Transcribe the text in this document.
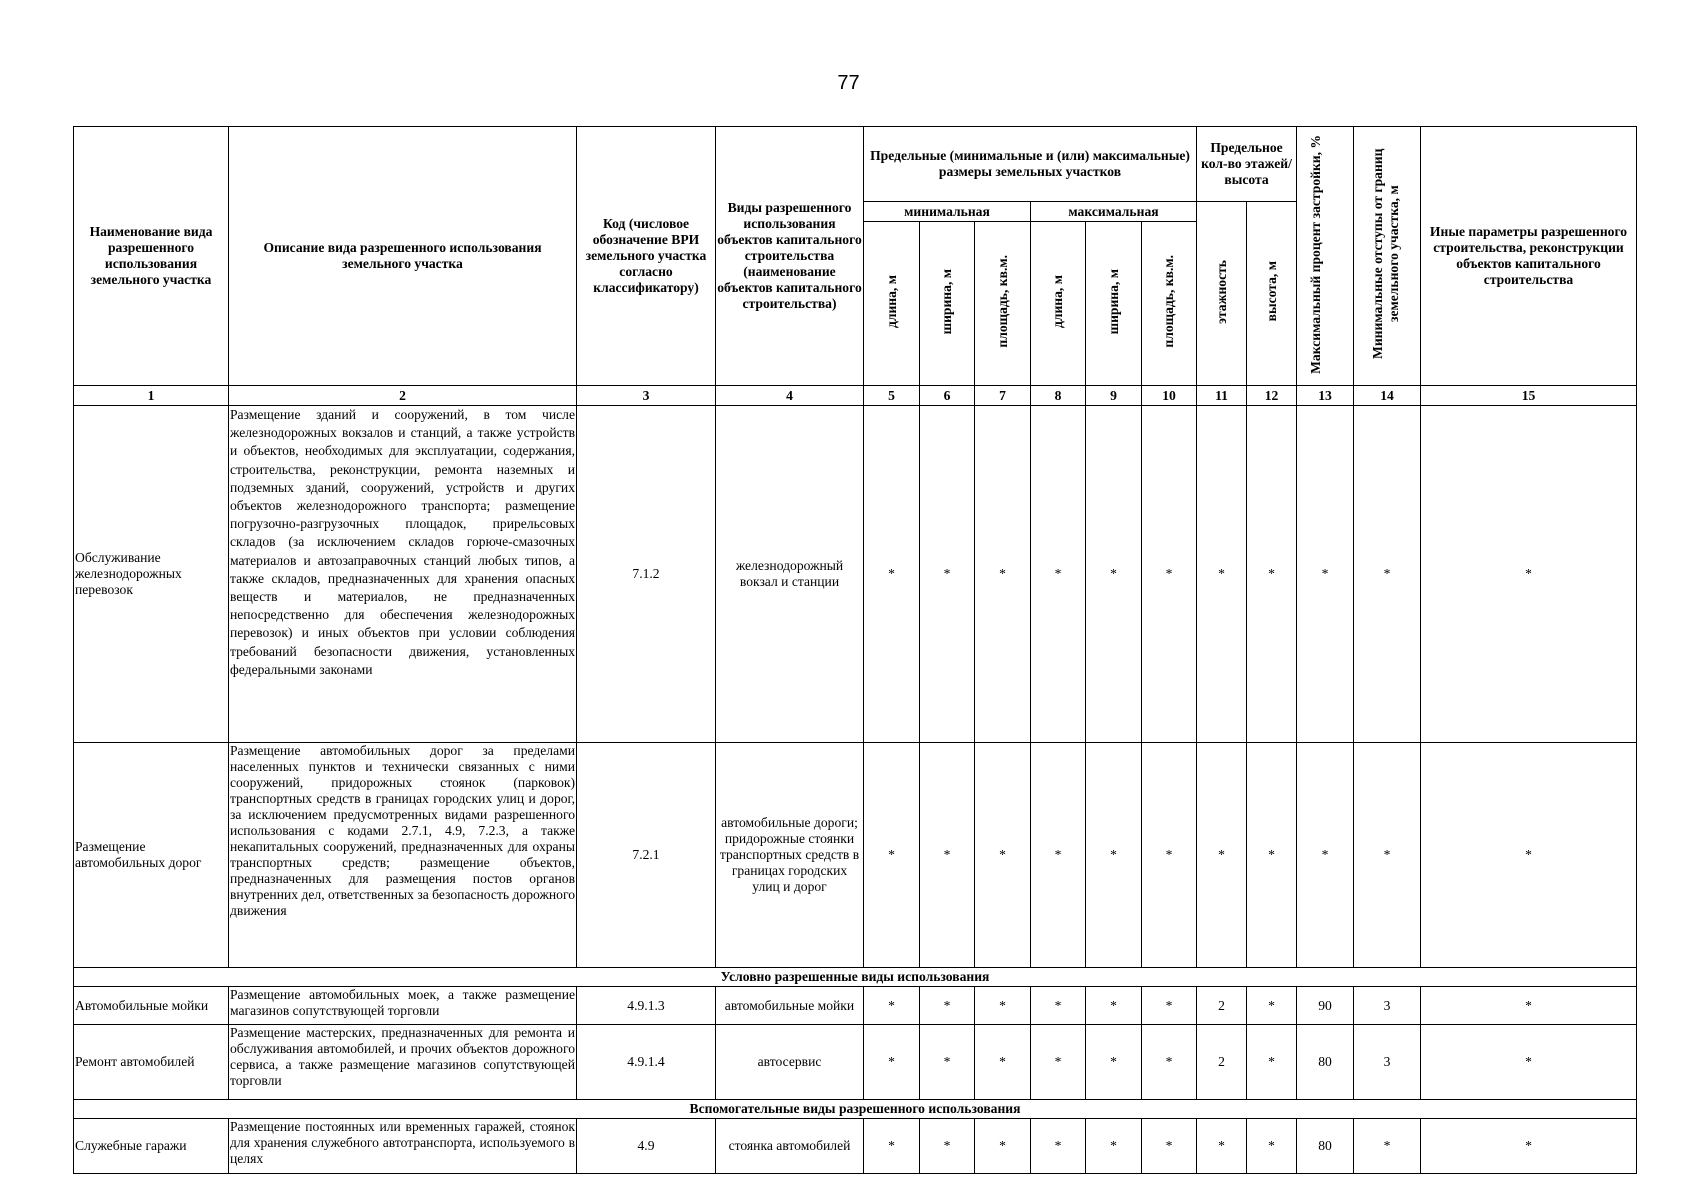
77
Наименование вида разрешенного использования земельного участка	Описание вида разрешенного использования земельного участка	Код (числовое обозначение ВРИ земельного участка согласно классификатору)	Виды разрешенного использования объектов капитального строительства (наименование объектов капитального строительства)	Предельные (минимальные и (или) максимальные) размеры земельных участков						Предельное кол-во этажей/ высота		Максимальный процент застройки, %	Минимальные отступы от границ земельного участка, м	Иные параметры разрешенного строительства, реконструкции объектов капитального строительства
				минимальная			максимальная			этажность	высота, м			
				длина, м	ширина, м	площадь, кв.м.	длина, м	ширина, м	площадь, кв.м.					
1	2	3	4	5	6	7	8	9	10	11	12	13	14	15
Обслуживание железнодорожных перевозок	Размещение зданий и сооружений, в том числе железнодорожных вокзалов и станций, а также устройств и объектов, необходимых для эксплуатации, содержания, строительства, реконструкции, ремонта наземных и подземных зданий, сооружений, устройств и других объектов железнодорожного транспорта; размещение погрузочно-разгрузочных площадок, прирельсовых складов (за исключением складов горюче-смазочных материалов и автозаправочных станций любых типов, а также складов, предназначенных для хранения опасных веществ и материалов, не предназначенных непосредственно для обеспечения железнодорожных перевозок) и иных объектов при условии соблюдения требований безопасности движения, установленных федеральными законами	7.1.2	железнодорожный вокзал и станции	*	*	*	*	*	*	*	*	*	*	*
Размещение автомобильных дорог	Размещение автомобильных дорог за пределами населенных пунктов и технически связанных с ними сооружений, придорожных стоянок (парковок) транспортных средств в границах городских улиц и дорог, за исключением предусмотренных видами разрешенного использования с кодами 2.7.1, 4.9, 7.2.3, а также некапитальных сооружений, предназначенных для охраны транспортных средств; размещение объектов, предназначенных для размещения постов органов внутренних дел, ответственных за безопасность дорожного движения	7.2.1	автомобильные дороги; придорожные стоянки транспортных средств в границах городских улиц и дорог	*	*	*	*	*	*	*	*	*	*	*
Условно разрешенные виды использования														
Автомобильные мойки	Размещение автомобильных моек, а также размещение магазинов сопутствующей торговли	4.9.1.3	автомобильные мойки	*	*	*	*	*	*	2	*	90	3	*
Ремонт автомобилей	Размещение мастерских, предназначенных для ремонта и обслуживания автомобилей, и прочих объектов дорожного сервиса, а также размещение магазинов сопутствующей торговли	4.9.1.4	автосервис	*	*	*	*	*	*	2	*	80	3	*
Вспомогательные виды разрешенного использования														
Служебные гаражи	Размещение постоянных или временных гаражей, стоянок для хранения служебного автотранспорта, используемого в целях	4.9	стоянка автомобилей	*	*	*	*	*	*	*	*	80	*	*
